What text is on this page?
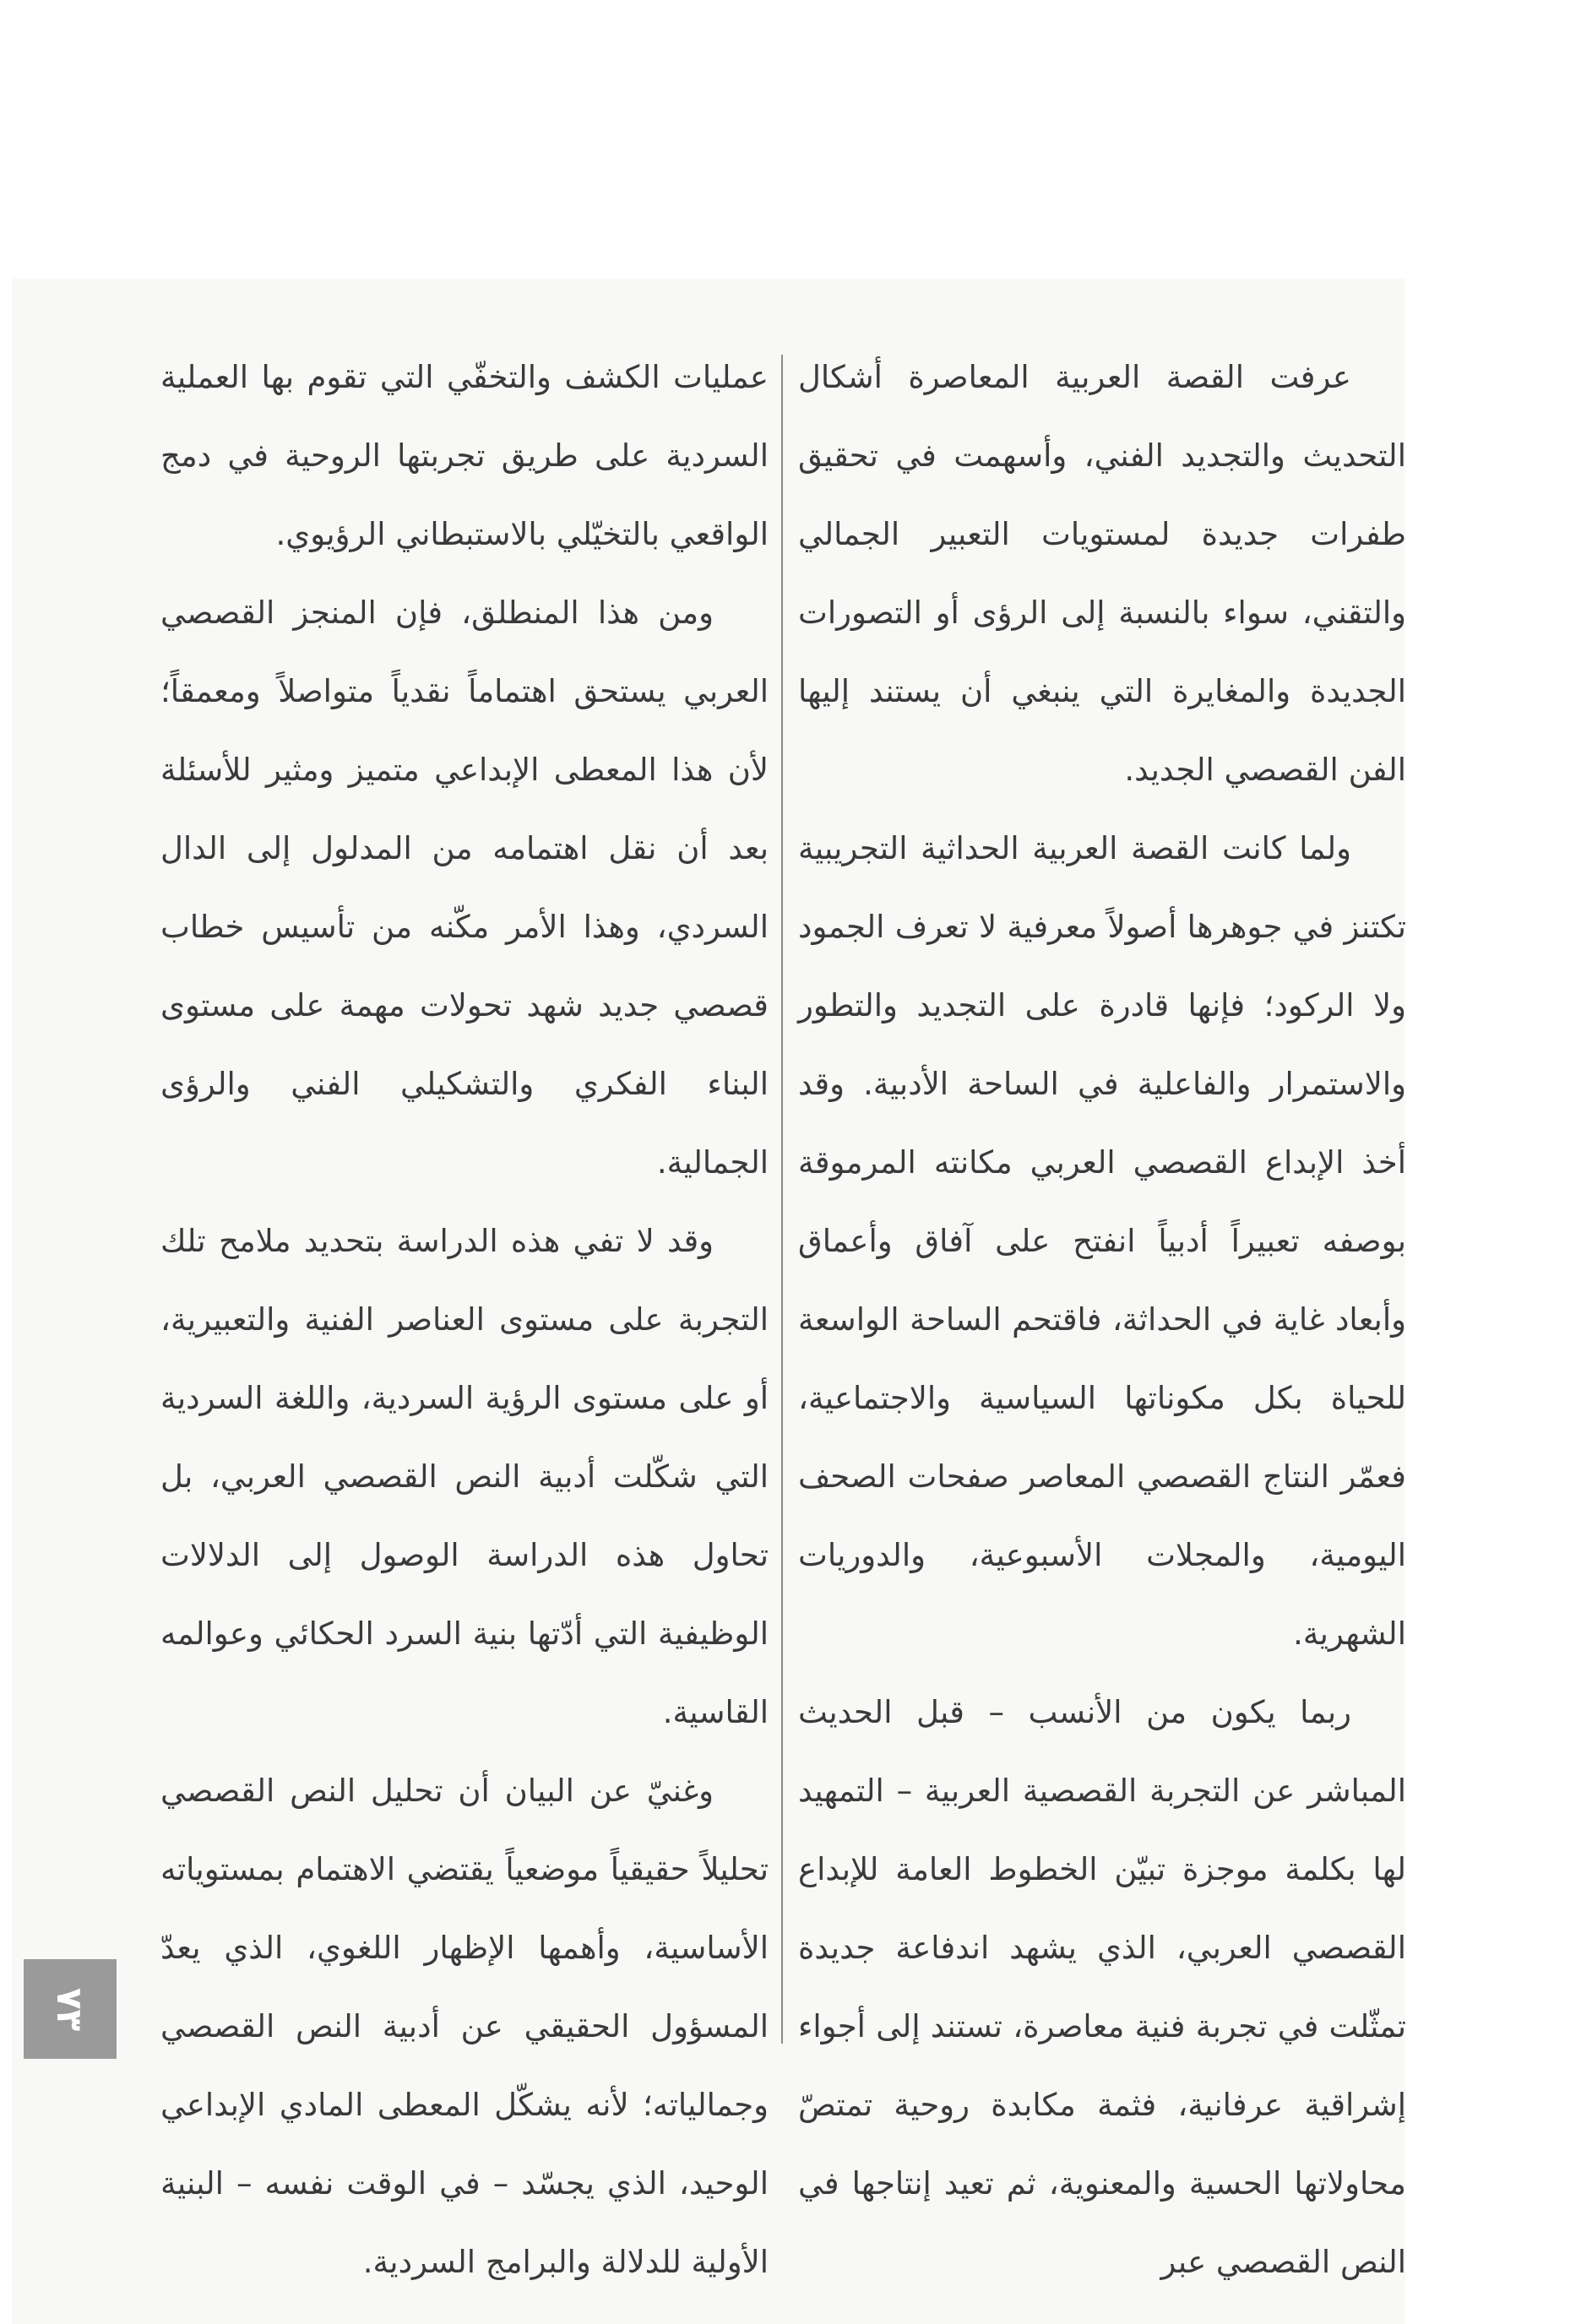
عرفت القصة العربية المعاصرة أشكال التحديث والتجديد الفني، وأسهمت في تحقيق طفرات جديدة لمستويات التعبير الجمالي والتقني، سواء بالنسبة إلى الرؤى أو التصورات الجديدة والمغايرة التي ينبغي أن يستند إليها الفن القصصي الجديد.

ولما كانت القصة العربية الحداثية التجريبية تكتنز في جوهرها أصولاً معرفية لا تعرف الجمود ولا الركود؛ فإنها قادرة على التجديد والتطور والاستمرار والفاعلية في الساحة الأدبية. وقد أخذ الإبداع القصصي العربي مكانته المرموقة بوصفه تعبيراً أدبياً انفتح على آفاق وأعماق وأبعاد غاية في الحداثة، فاقتحم الساحة الواسعة للحياة بكل مكوناتها السياسية والاجتماعية، فعمّر النتاج القصصي المعاصر صفحات الصحف اليومية، والمجلات الأسبوعية، والدوريات الشهرية.

ربما يكون من الأنسب – قبل الحديث المباشر عن التجربة القصصية العربية – التمهيد لها بكلمة موجزة تبيّن الخطوط العامة للإبداع القصصي العربي، الذي يشهد اندفاعة جديدة تمثّلت في تجربة فنية معاصرة، تستند إلى أجواء إشراقية عرفانية، فثمة مكابدة روحية تمتصّ محاولاتها الحسية والمعنوية، ثم تعيد إنتاجها في النص القصصي عبر

عمليات الكشف والتخفّي التي تقوم بها العملية السردية على طريق تجربتها الروحية في دمج الواقعي بالتخيّلي بالاستبطاني الرؤيوي.

ومن هذا المنطلق، فإن المنجز القصصي العربي يستحق اهتماماً نقدياً متواصلاً ومعمقاً؛ لأن هذا المعطى الإبداعي متميز ومثير للأسئلة بعد أن نقل اهتمامه من المدلول إلى الدال السردي، وهذا الأمر مكّنه من تأسيس خطاب قصصي جديد شهد تحولات مهمة على مستوى البناء الفكري والتشكيلي الفني والرؤى الجمالية.

وقد لا تفي هذه الدراسة بتحديد ملامح تلك التجربة على مستوى العناصر الفنية والتعبيرية، أو على مستوى الرؤية السردية، واللغة السردية التي شكّلت أدبية النص القصصي العربي، بل تحاول هذه الدراسة الوصول إلى الدلالات الوظيفية التي أدّتها بنية السرد الحكائي وعوالمه القاسية.

وغنيّ عن البيان أن تحليل النص القصصي تحليلاً حقيقياً موضعياً يقتضي الاهتمام بمستوياته الأساسية، وأهمها الإظهار اللغوي، الذي يعدّ المسؤول الحقيقي عن أدبية النص القصصي وجمالياته؛ لأنه يشكّل المعطى المادي الإبداعي الوحيد، الذي يجسّد – في الوقت نفسه – البنية الأولية للدلالة والبرامج السردية.

٧٣
